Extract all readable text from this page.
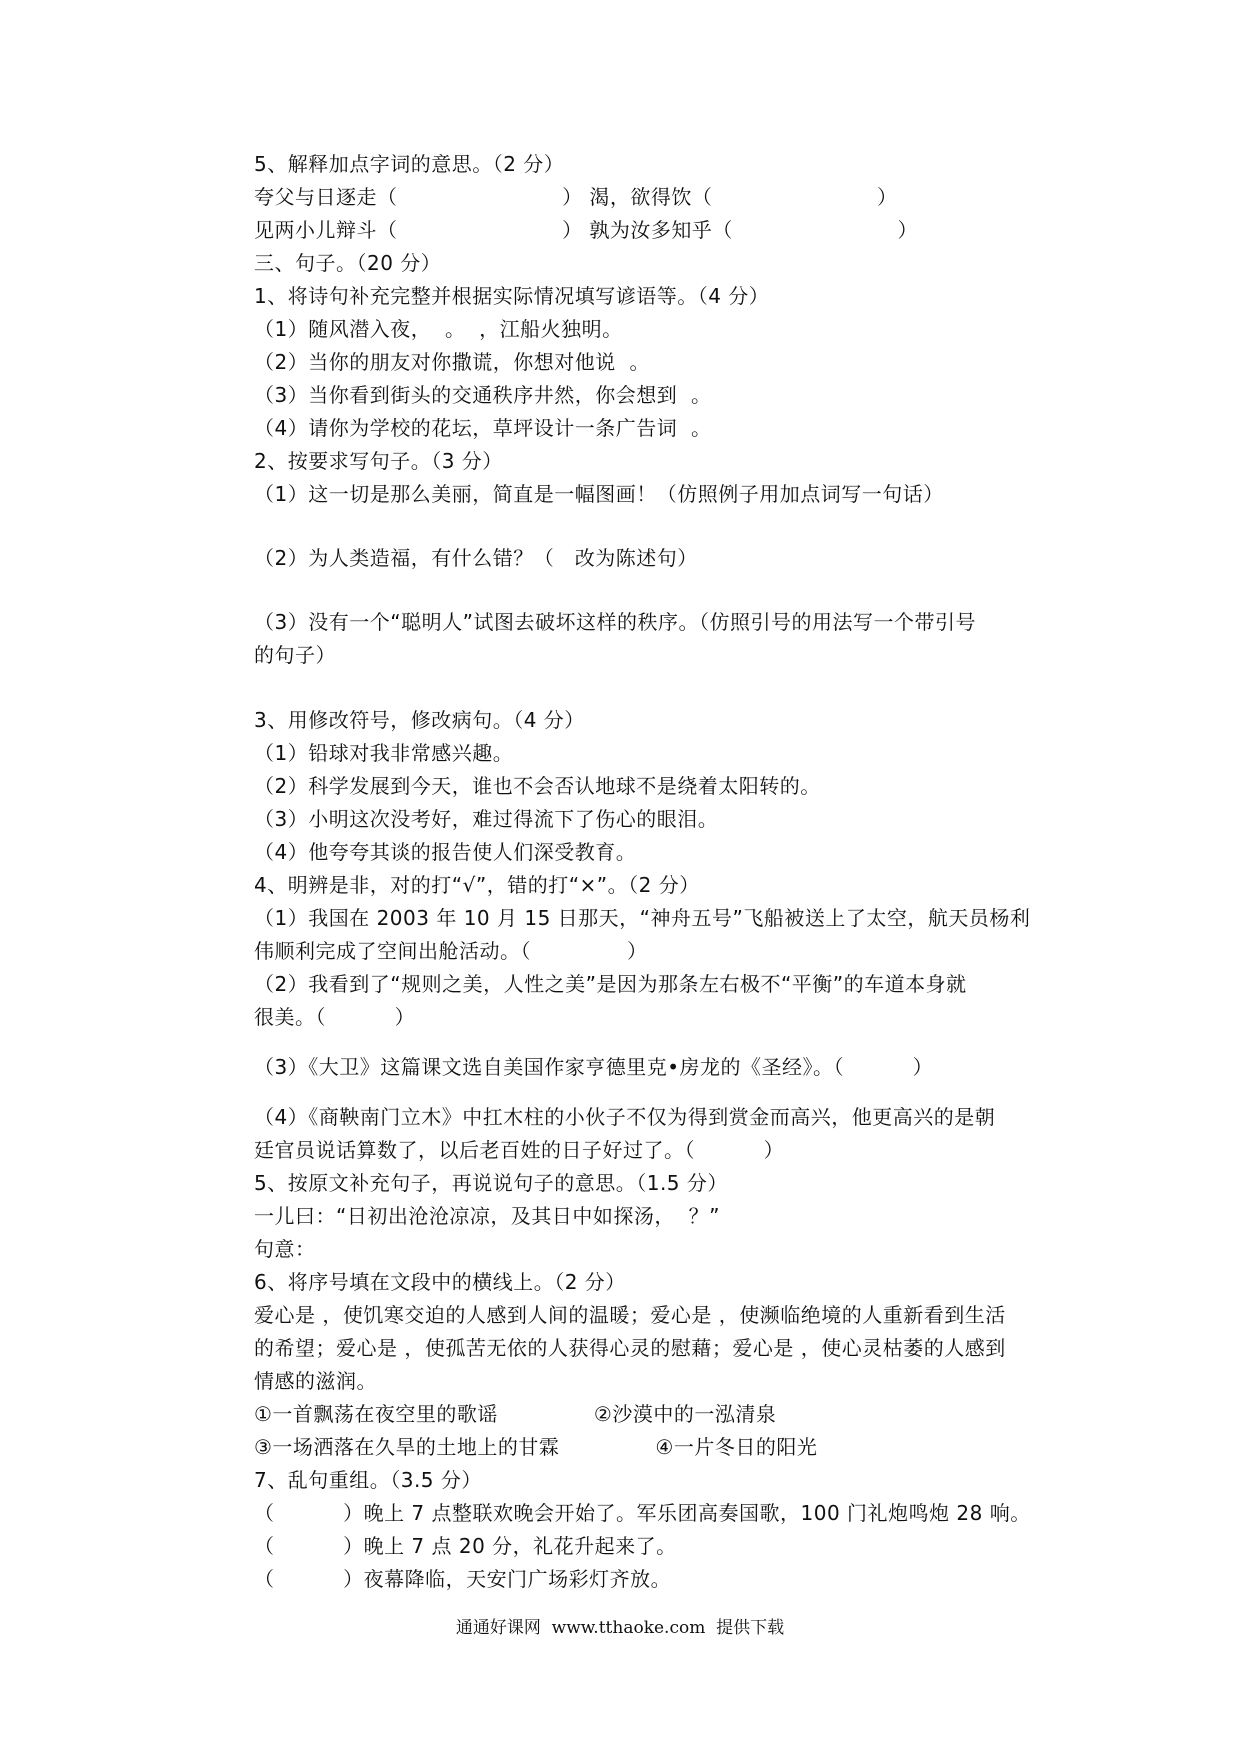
5、解释加点字词的意思。（2 分）
夸父与日逐走（                        ） 渴，欲得饮（                        ）
见两小儿辩斗（                        ） 孰为汝多知乎（                        ）
三、句子。（20 分）
1、将诗句补充完整并根据实际情况填写谚语等。（4 分）
（1）随风潜入夜，  。  ，江船火独明。
（2）当你的朋友对你撒谎，你想对他说  。
（3）当你看到街头的交通秩序井然，你会想到  。
（4）请你为学校的花坛，草坪设计一条广告词  。
2、按要求写句子。（3 分）
（1）这一切是那么美丽，简直是一幅图画！（仿照例子用加点词写一句话）
（2）为人类造福，有什么错？（   改为陈述句）
（3）没有一个“聪明人”试图去破坏这样的秩序。（仿照引号的用法写一个带引号
的句子）
3、用修改符号，修改病句。（4 分）
（1）铅球对我非常感兴趣。
（2）科学发展到今天，谁也不会否认地球不是绕着太阳转的。
（3）小明这次没考好，难过得流下了伤心的眼泪。
（4）他夸夸其谈的报告使人们深受教育。
4、明辨是非，对的打“√”，错的打“×”。（2 分）
（1）我国在 2003 年 10 月 15 日那天，“神舟五号”飞船被送上了太空，航天员杨利
伟顺利完成了空间出舱活动。（              ）
（2）我看到了“规则之美，人性之美”是因为那条左右极不“平衡”的车道本身就
很美。（          ）
（3）《大卫》这篇课文选自美国作家亨德里克•房龙的《圣经》。（          ）
（4）《商鞅南门立木》中扛木柱的小伙子不仅为得到赏金而高兴，他更高兴的是朝
廷官员说话算数了，以后老百姓的日子好过了。（          ）
5、按原文补充句子，再说说句子的意思。（1.5 分）
一儿曰：“日初出沧沧凉凉，及其日中如探汤，  ？”
句意：
6、将序号填在文段中的横线上。（2 分）
爱心是 ，使饥寒交迫的人感到人间的温暖；爱心是 ，使濒临绝境的人重新看到生活
的希望；爱心是 ，使孤苦无依的人获得心灵的慰藉；爱心是 ，使心灵枯萎的人感到
情感的滋润。
①一首飘荡在夜空里的歌谣              ②沙漠中的一泓清泉
③一场洒落在久旱的土地上的甘霖              ④一片冬日的阳光
7、乱句重组。（3.5 分）
（          ）晚上 7 点整联欢晚会开始了。军乐团高奏国歌，100 门礼炮鸣炮 28 响。
（          ）晚上 7 点 20 分，礼花升起来了。
（          ）夜幕降临，天安门广场彩灯齐放。
通通好课网  www.tthaoke.com  提供下载
